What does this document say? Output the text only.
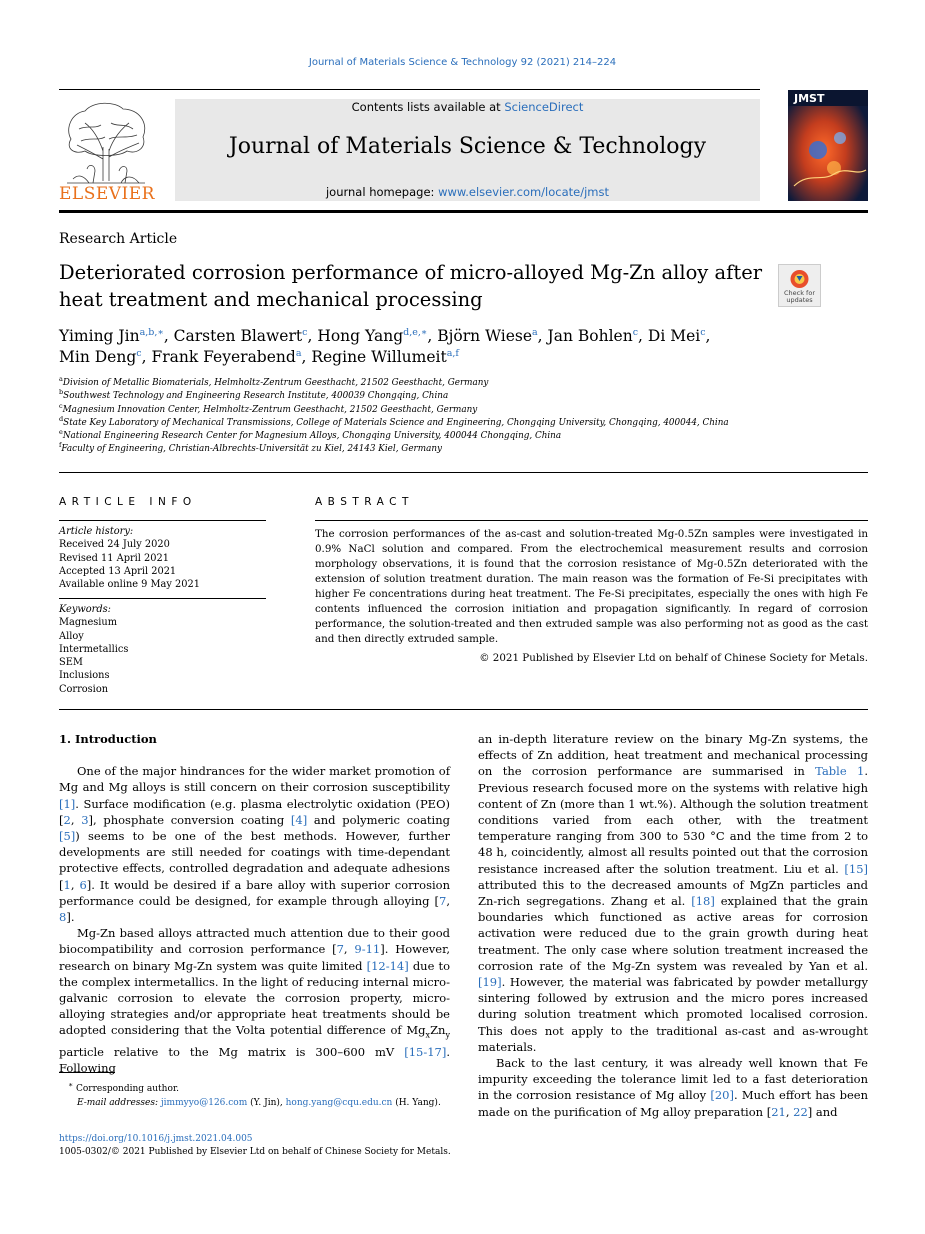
Journal of Materials Science & Technology 92 (2021) 214–224
ELSEVIER
Contents lists available at ScienceDirect
Journal of Materials Science & Technology
journal homepage: www.elsevier.com/locate/jmst
JMST
Research Article
Deteriorated corrosion performance of micro-alloyed Mg-Zn alloy after heat treatment and mechanical processing	Check for updates
Yiming Jin$^{a,b,∗}$, Carsten Blawert$^c$, Hong Yang$^{d,e,∗}$, Björn Wiese$^a$, Jan Bohlen$^c$, Di Mei$^c$,
Min Deng$^c$, Frank Feyerabend$^a$, Regine Willumeit$^{a,f}$
$^a$Division of Metallic Biomaterials, Helmholtz-Zentrum Geesthacht, 21502 Geesthacht, Germany
$^b$Southwest Technology and Engineering Research Institute, 400039 Chongqing, China
$^c$Magnesium Innovation Center, Helmholtz-Zentrum Geesthacht, 21502 Geesthacht, Germany
$^d$State Key Laboratory of Mechanical Transmissions, College of Materials Science and Engineering, Chongqing University, Chongqing, 400044, China
$^e$National Engineering Research Center for Magnesium Alloys, Chongqing University, 400044 Chongqing, China
$^f$Faculty of Engineering, Christian-Albrechts-Universität zu Kiel, 24143 Kiel, Germany
ARTICLE INFO
Article history:
Received 24 July 2020
Revised 11 April 2021
Accepted 13 April 2021
Available online 9 May 2021
Keywords:
Magnesium
Alloy
Intermetallics
SEM
Inclusions
Corrosion
ABSTRACT
The corrosion performances of the as-cast and solution-treated Mg-0.5Zn samples were investigated in 0.9% NaCl solution and compared. From the electrochemical measurement results and corrosion morphology observations, it is found that the corrosion resistance of Mg-0.5Zn deteriorated with the extension of solution treatment duration. The main reason was the formation of Fe-Si precipitates with higher Fe concentrations during heat treatment. The Fe-Si precipitates, especially the ones with high Fe contents influenced the corrosion initiation and propagation significantly. In regard of corrosion performance, the solution-treated and then extruded sample was also performing not as good as the cast and then directly extruded sample.
© 2021 Published by Elsevier Ltd on behalf of Chinese Society for Metals.

1. Introduction

One of the major hindrances for the wider market promotion of Mg and Mg alloys is still concern on their corrosion susceptibility [1]. Surface modification (e.g. plasma electrolytic oxidation (PEO) [2, 3], phosphate conversion coating [4] and polymeric coating [5]) seems to be one of the best methods. However, further developments are still needed for coatings with time-dependant protective effects, controlled degradation and adequate adhesions [1, 6]. It would be desired if a bare alloy with superior corrosion performance could be designed, for example through alloying [7, 8].

Mg-Zn based alloys attracted much attention due to their good biocompatibility and corrosion performance [7, 9-11]. However, research on binary Mg-Zn system was quite limited [12-14] due to the complex intermetallics. In the light of reducing internal micro-galvanic corrosion to elevate the corrosion property, micro-alloying strategies and/or appropriate heat treatments should be adopted considering that the Volta potential difference of $Mg_xZn_y$ particle relative to the Mg matrix is 300–600 mV [15-17]. Following

an in-depth literature review on the binary Mg-Zn systems, the effects of Zn addition, heat treatment and mechanical processing on the corrosion performance are summarised in Table 1. Previous research focused more on the systems with relative high content of Zn (more than 1 wt.%). Although the solution treatment conditions varied from each other, with the treatment temperature ranging from 300 to 530 °C and the time from 2 to 48 h, coincidently, almost all results pointed out that the corrosion resistance increased after the solution treatment. Liu et al. [15] attributed this to the decreased amounts of MgZn particles and Zn-rich segregations. Zhang et al. [18] explained that the grain boundaries which functioned as active areas for corrosion activation were reduced due to the grain growth during heat treatment. The only case where solution treatment increased the corrosion rate of the Mg-Zn system was revealed by Yan et al. [19]. However, the material was fabricated by powder metallurgy sintering followed by extrusion and the micro pores increased during solution treatment which promoted localised corrosion. This does not apply to the traditional as-cast and as-wrought materials.

Back to the last century, it was already well known that Fe impurity exceeding the tolerance limit led to a fast deterioration in the corrosion resistance of Mg alloy [20]. Much effort has been made on the purification of Mg alloy preparation [21, 22] and

∗ Corresponding author.
E-mail addresses: jimmyyo@126.com (Y. Jin), hong.yang@cqu.edu.cn (H. Yang).
https://doi.org/10.1016/j.jmst.2021.04.005
1005-0302/© 2021 Published by Elsevier Ltd on behalf of Chinese Society for Metals.
